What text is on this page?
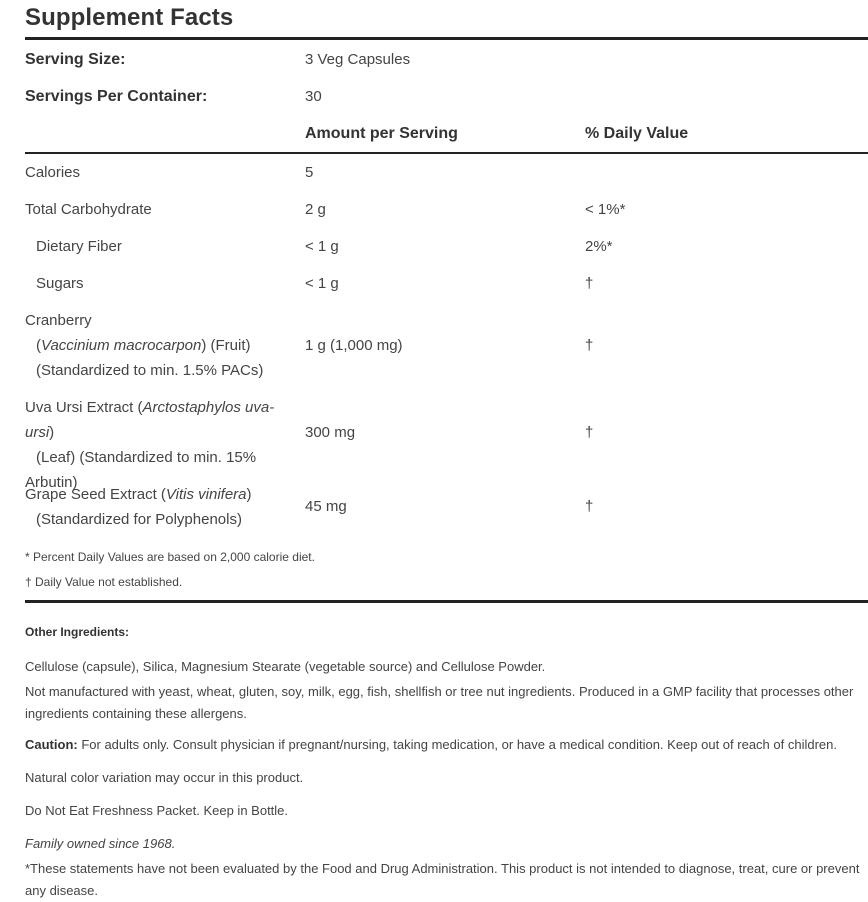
Supplement Facts
Serving Size:	3 Veg Capsules
Servings Per Container:	30
Amount per Serving	% Daily Value
Calories	5
Total Carbohydrate	2 g	< 1%*
Dietary Fiber	< 1 g	2%*
Sugars	< 1 g	†
Cranberry
(Vaccinium macrocarpon) (Fruit)
(Standardized to min. 1.5% PACs)
1 g (1,000 mg)	†
Uva Ursi Extract (Arctostaphylos uva-ursi)
(Leaf) (Standardized to min. 15%
Arbutin)
300 mg	†
Grape Seed Extract (Vitis vinifera)
(Standardized for Polyphenols)
45 mg	†
* Percent Daily Values are based on 2,000 calorie diet.
† Daily Value not established.
Other Ingredients:
Cellulose (capsule), Silica, Magnesium Stearate (vegetable source) and Cellulose Powder.
Not manufactured with yeast, wheat, gluten, soy, milk, egg, fish, shellfish or tree nut ingredients. Produced in a GMP facility that processes other ingredients containing these allergens.
Caution: For adults only. Consult physician if pregnant/nursing, taking medication, or have a medical condition. Keep out of reach of children.
Natural color variation may occur in this product.
Do Not Eat Freshness Packet. Keep in Bottle.
Family owned since 1968.
*These statements have not been evaluated by the Food and Drug Administration. This product is not intended to diagnose, treat, cure or prevent any disease.
